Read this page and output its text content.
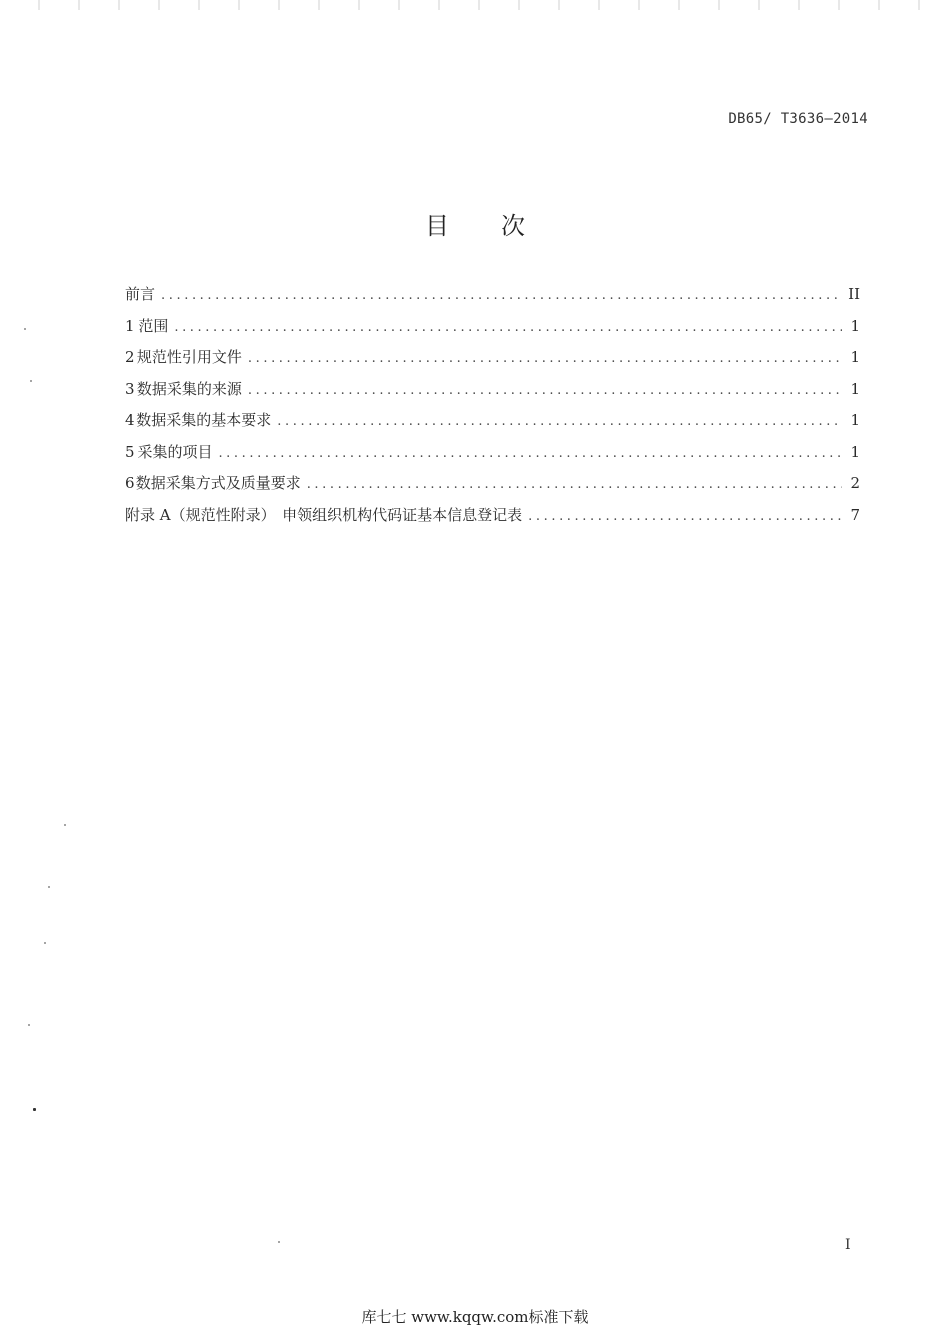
DB65/ T3636—2014
目 次
前言 .....	II
1 范围 .....	1
2 规范性引用文件 .....	1
3 数据采集的来源 .....	1
4 数据采集的基本要求 .....	1
5 采集的项目 .....	1
6 数据采集方式及质量要求 .....	2
附录 A（规范性附录） 申领组织机构代码证基本信息登记表 .....	7
I
库七七 www.kqqw.com标准下载
